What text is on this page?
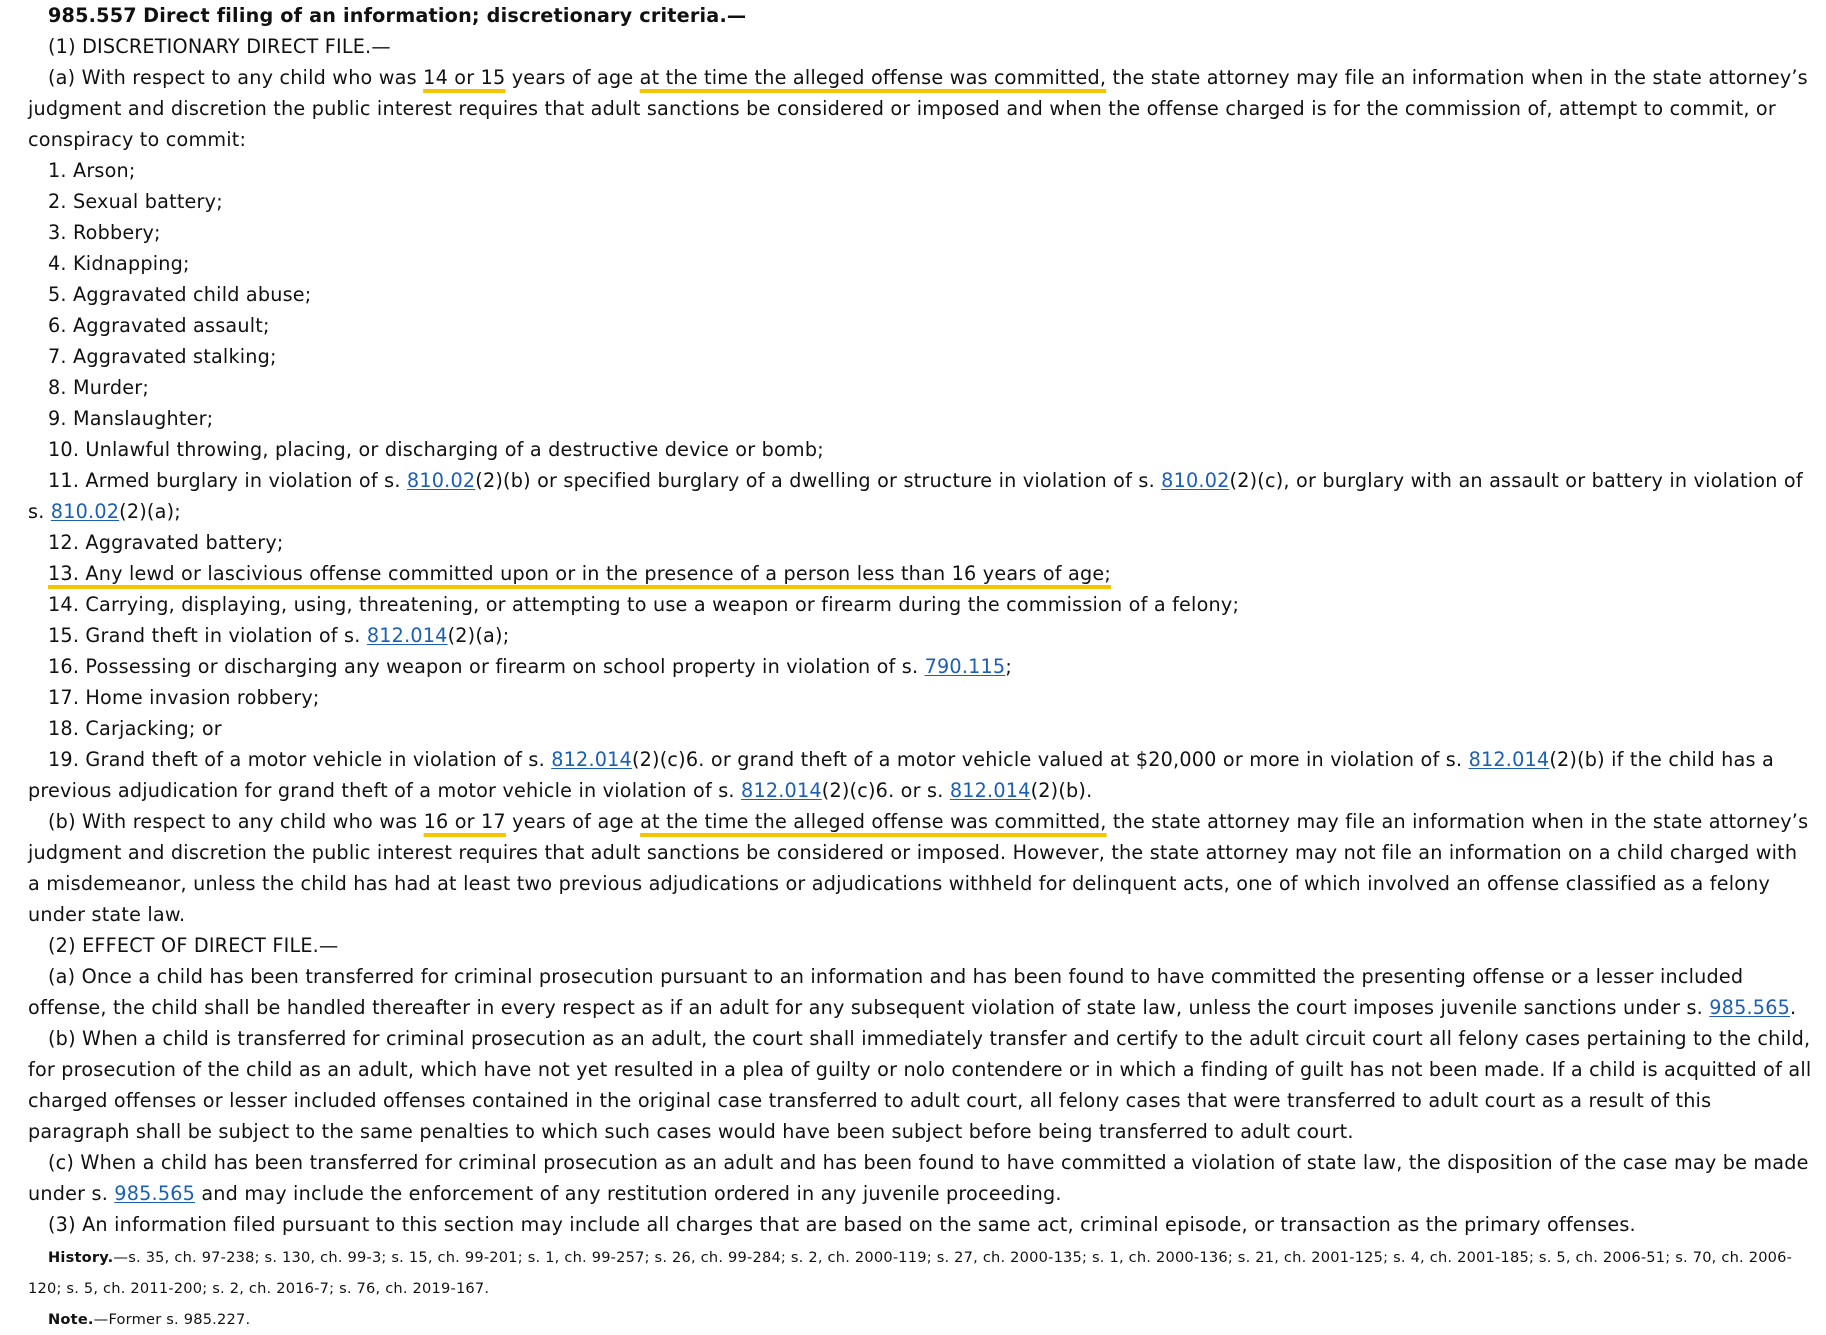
985.557 Direct filing of an information; discretionary criteria.—

(1) DISCRETIONARY DIRECT FILE.—

(a) With respect to any child who was 14 or 15 years of age at the time the alleged offense was committed, the state attorney may file an information when in the state attorney’s judgment and discretion the public interest requires that adult sanctions be considered or imposed and when the offense charged is for the commission of, attempt to commit, or conspiracy to commit:

1. Arson;

2. Sexual battery;

3. Robbery;

4. Kidnapping;

5. Aggravated child abuse;

6. Aggravated assault;

7. Aggravated stalking;

8. Murder;

9. Manslaughter;

10. Unlawful throwing, placing, or discharging of a destructive device or bomb;

11. Armed burglary in violation of s. 810.02(2)(b) or specified burglary of a dwelling or structure in violation of s. 810.02(2)(c), or burglary with an assault or battery in violation of s. 810.02(2)(a);

12. Aggravated battery;

13. Any lewd or lascivious offense committed upon or in the presence of a person less than 16 years of age;

14. Carrying, displaying, using, threatening, or attempting to use a weapon or firearm during the commission of a felony;

15. Grand theft in violation of s. 812.014(2)(a);

16. Possessing or discharging any weapon or firearm on school property in violation of s. 790.115;

17. Home invasion robbery;

18. Carjacking; or

19. Grand theft of a motor vehicle in violation of s. 812.014(2)(c)6. or grand theft of a motor vehicle valued at $20,000 or more in violation of s. 812.014(2)(b) if the child has a previous adjudication for grand theft of a motor vehicle in violation of s. 812.014(2)(c)6. or s. 812.014(2)(b).

(b) With respect to any child who was 16 or 17 years of age at the time the alleged offense was committed, the state attorney may file an information when in the state attorney’s judgment and discretion the public interest requires that adult sanctions be considered or imposed. However, the state attorney may not file an information on a child charged with a misdemeanor, unless the child has had at least two previous adjudications or adjudications withheld for delinquent acts, one of which involved an offense classified as a felony under state law.

(2) EFFECT OF DIRECT FILE.—

(a) Once a child has been transferred for criminal prosecution pursuant to an information and has been found to have committed the presenting offense or a lesser included offense, the child shall be handled thereafter in every respect as if an adult for any subsequent violation of state law, unless the court imposes juvenile sanctions under s. 985.565.

(b) When a child is transferred for criminal prosecution as an adult, the court shall immediately transfer and certify to the adult circuit court all felony cases pertaining to the child, for prosecution of the child as an adult, which have not yet resulted in a plea of guilty or nolo contendere or in which a finding of guilt has not been made. If a child is acquitted of all charged offenses or lesser included offenses contained in the original case transferred to adult court, all felony cases that were transferred to adult court as a result of this paragraph shall be subject to the same penalties to which such cases would have been subject before being transferred to adult court.

(c) When a child has been transferred for criminal prosecution as an adult and has been found to have committed a violation of state law, the disposition of the case may be made under s. 985.565 and may include the enforcement of any restitution ordered in any juvenile proceeding.

(3) An information filed pursuant to this section may include all charges that are based on the same act, criminal episode, or transaction as the primary offenses.

History.—s. 35, ch. 97-238; s. 130, ch. 99-3; s. 15, ch. 99-201; s. 1, ch. 99-257; s. 26, ch. 99-284; s. 2, ch. 2000-119; s. 27, ch. 2000-135; s. 1, ch. 2000-136; s. 21, ch. 2001-125; s. 4, ch. 2001-185; s. 5, ch. 2006-51; s. 70, ch. 2006-120; s. 5, ch. 2011-200; s. 2, ch. 2016-7; s. 76, ch. 2019-167.

Note.—Former s. 985.227.
